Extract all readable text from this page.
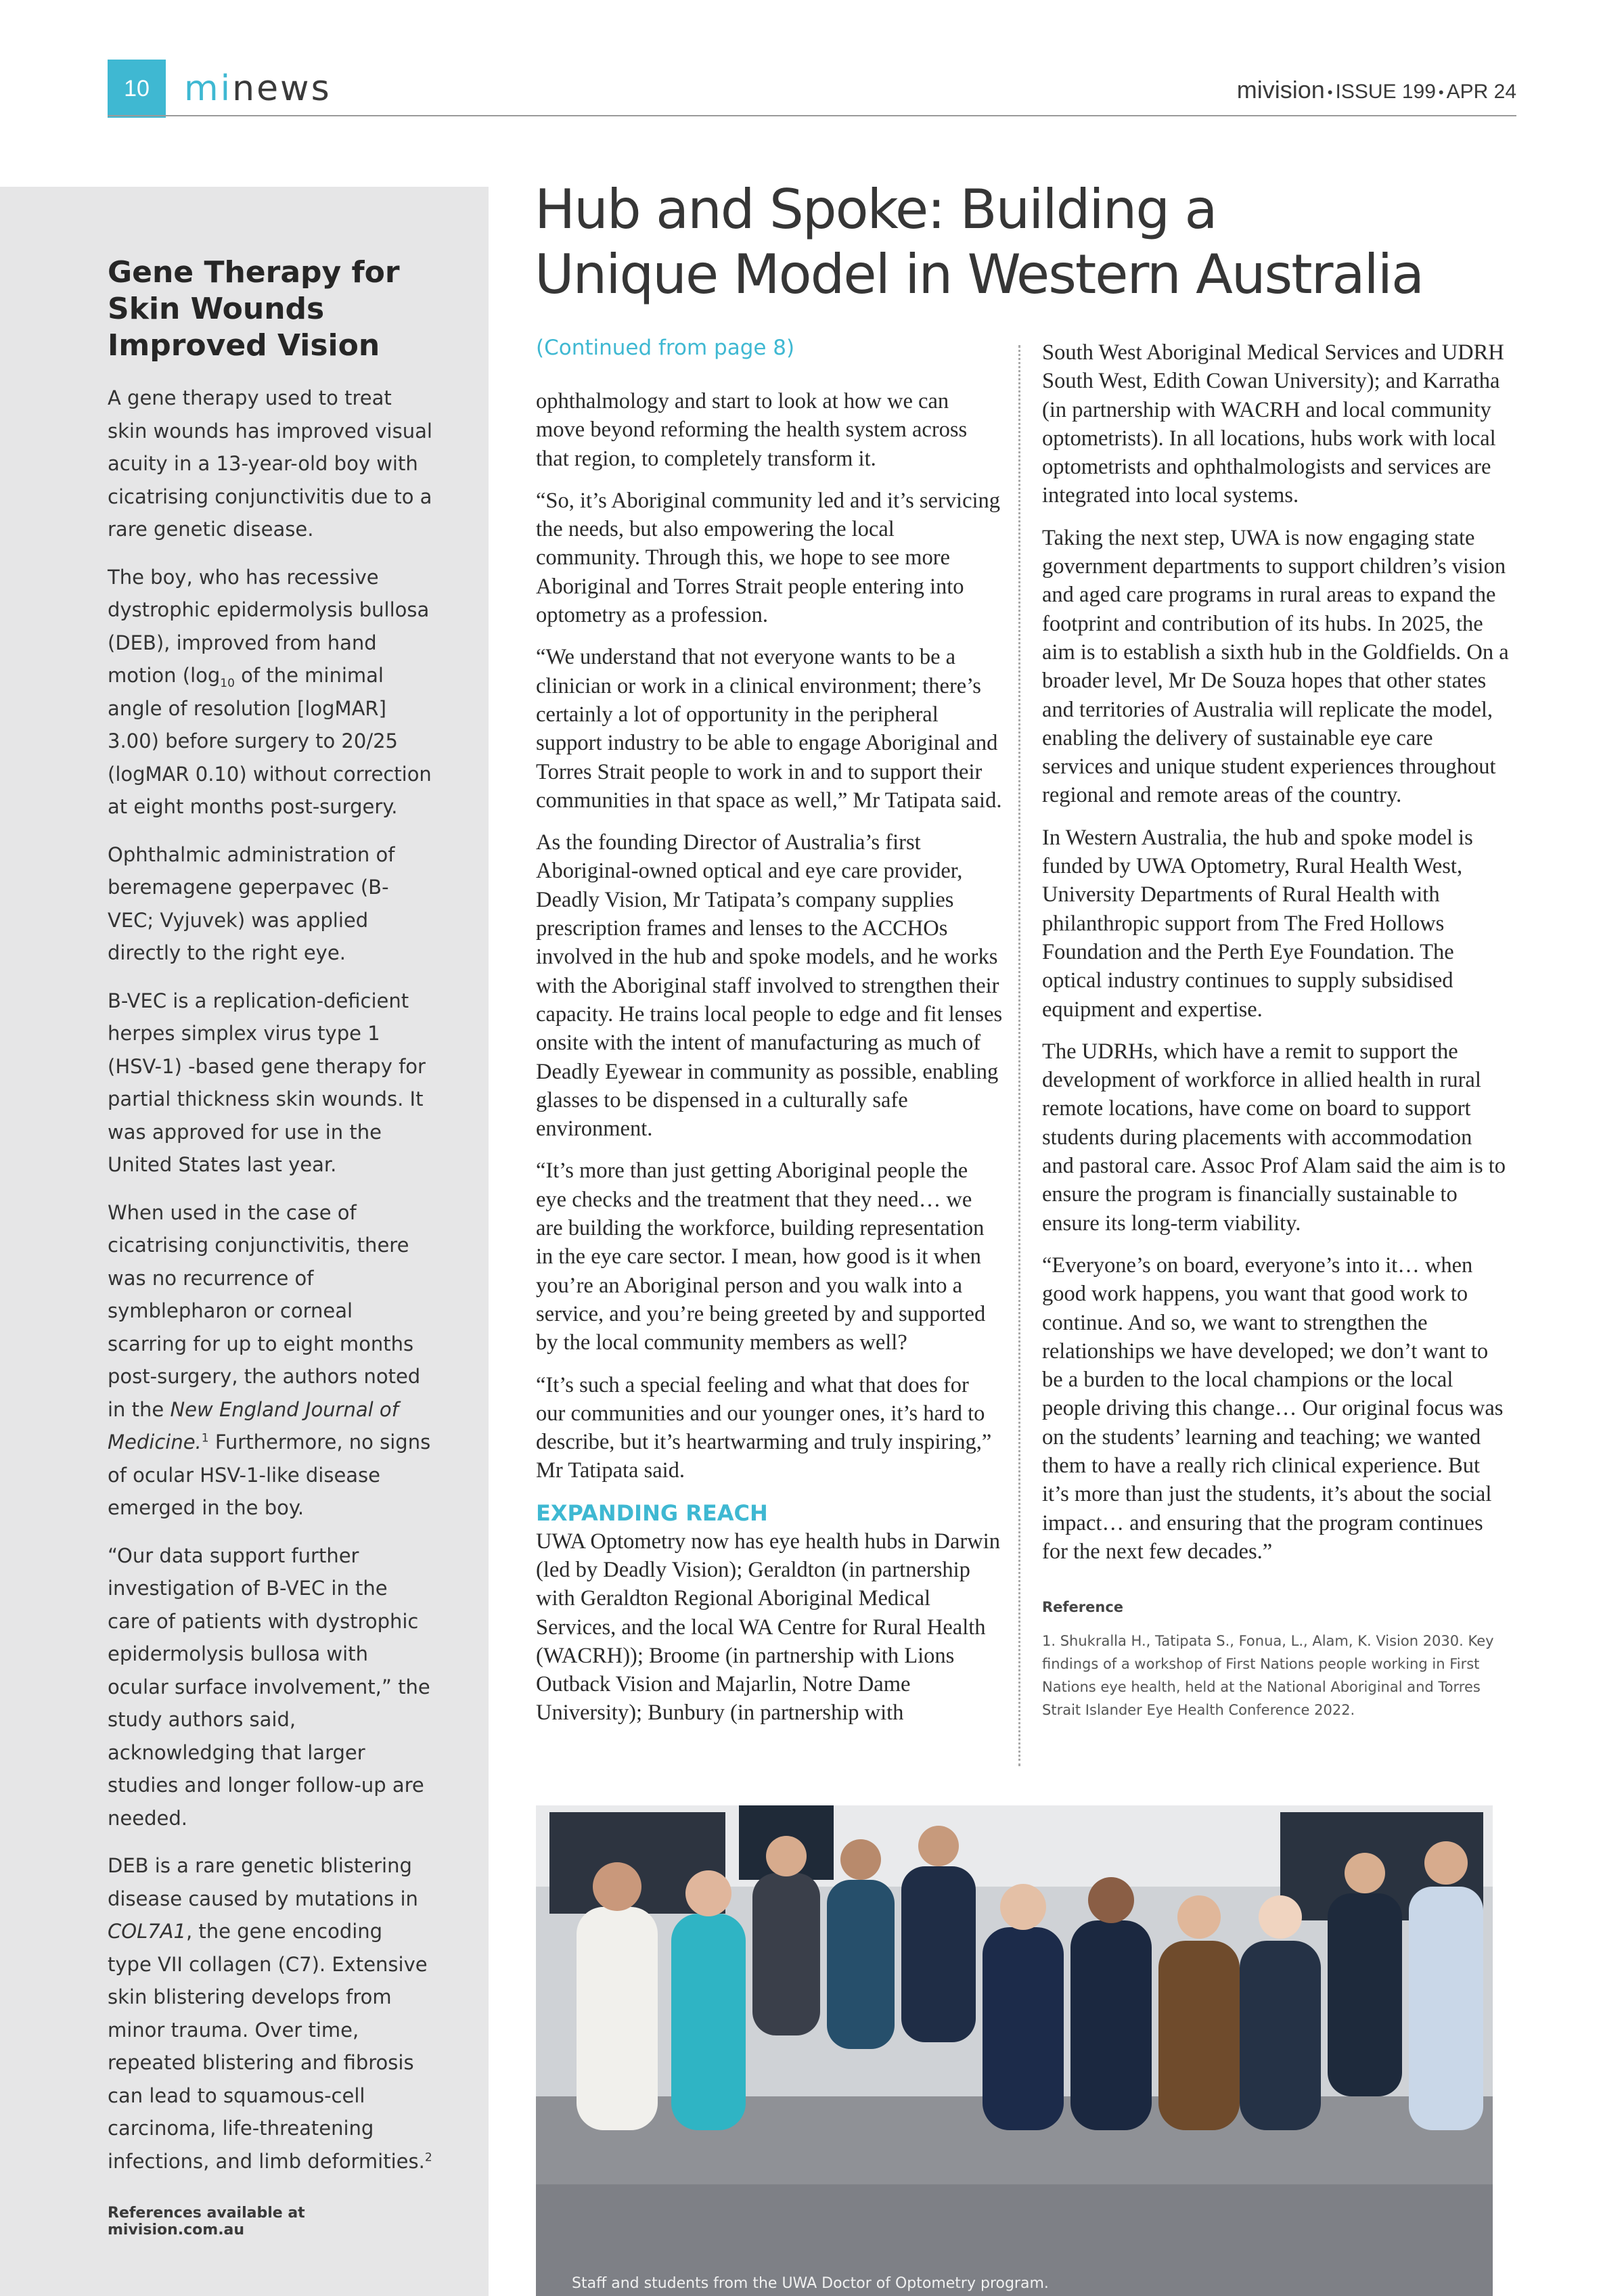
10 minews	mivision • ISSUE 199 • APR 24
Gene Therapy for Skin Wounds Improved Vision

A gene therapy used to treat skin wounds has improved visual acuity in a 13-year-old boy with cicatrising conjunctivitis due to a rare genetic disease.

The boy, who has recessive dystrophic epidermolysis bullosa (DEB), improved from hand motion ($\log_{10}$ of the minimal angle of resolution [logMAR] 3.00) before surgery to 20/25 (logMAR 0.10) without correction at eight months post-surgery.

Ophthalmic administration of beremagene geperpavec (B-VEC; Vyjuvek) was applied directly to the right eye.

B-VEC is a replication-deficient herpes simplex virus type 1 (HSV-1) -based gene therapy for partial thickness skin wounds. It was approved for use in the United States last year.

When used in the case of cicatrising conjunctivitis, there was no recurrence of symblepharon or corneal scarring for up to eight months post-surgery, the authors noted in the New England Journal of Medicine.$^1$ Furthermore, no signs of ocular HSV-1-like disease emerged in the boy.

“Our data support further investigation of B-VEC in the care of patients with dystrophic epidermolysis bullosa with ocular surface involvement,” the study authors said, acknowledging that larger studies and longer follow-up are needed.

DEB is a rare genetic blistering disease caused by mutations in COL7A1, the gene encoding type VII collagen (C7). Extensive skin blistering develops from minor trauma. Over time, repeated blistering and fibrosis can lead to squamous-cell carcinoma, life-threatening infections, and limb deformities.$^2$

References available at mivision.com.au

Hub and Spoke: Building a
Unique Model in Western Australia
(Continued from page 8)

ophthalmology and start to look at how we can move beyond reforming the health system across that region, to completely transform it.

“So, it’s Aboriginal community led and it’s servicing the needs, but also empowering the local community. Through this, we hope to see more Aboriginal and Torres Strait people entering into optometry as a profession.

“We understand that not everyone wants to be a clinician or work in a clinical environment; there’s certainly a lot of opportunity in the peripheral support industry to be able to engage Aboriginal and Torres Strait people to work in and to support their communities in that space as well,” Mr Tatipata said.

As the founding Director of Australia’s first Aboriginal-owned optical and eye care provider, Deadly Vision, Mr Tatipata’s company supplies prescription frames and lenses to the ACCHOs involved in the hub and spoke models, and he works with the Aboriginal staff involved to strengthen their capacity. He trains local people to edge and fit lenses onsite with the intent of manufacturing as much of Deadly Eyewear in community as possible, enabling glasses to be dispensed in a culturally safe environment.

“It’s more than just getting Aboriginal people the eye checks and the treatment that they need… we are building the workforce, building representation in the eye care sector. I mean, how good is it when you’re an Aboriginal person and you walk into a service, and you’re being greeted by and supported by the local community members as well?

“It’s such a special feeling and what that does for our communities and our younger ones, it’s hard to describe, but it’s heartwarming and truly inspiring,” Mr Tatipata said.

EXPANDING REACH

UWA Optometry now has eye health hubs in Darwin (led by Deadly Vision); Geraldton (in partnership with Geraldton Regional Aboriginal Medical Services, and the local WA Centre for Rural Health (WACRH)); Broome (in partnership with Lions Outback Vision and Majarlin, Notre Dame University); Bunbury (in partnership with

South West Aboriginal Medical Services and UDRH South West, Edith Cowan University); and Karratha (in partnership with WACRH and local community optometrists). In all locations, hubs work with local optometrists and ophthalmologists and services are integrated into local systems.

Taking the next step, UWA is now engaging state government departments to support children’s vision and aged care programs in rural areas to expand the footprint and contribution of its hubs. In 2025, the aim is to establish a sixth hub in the Goldfields. On a broader level, Mr De Souza hopes that other states and territories of Australia will replicate the model, enabling the delivery of sustainable eye care services and unique student experiences throughout regional and remote areas of the country.

In Western Australia, the hub and spoke model is funded by UWA Optometry, Rural Health West, University Departments of Rural Health with philanthropic support from The Fred Hollows Foundation and the Perth Eye Foundation. The optical industry continues to supply subsidised equipment and expertise.

The UDRHs, which have a remit to support the development of workforce in allied health in rural remote locations, have come on board to support students during placements with accommodation and pastoral care. Assoc Prof Alam said the aim is to ensure the program is financially sustainable to ensure its long-term viability.

“Everyone’s on board, everyone’s into it… when good work happens, you want that good work to continue. And so, we want to strengthen the relationships we have developed; we don’t want to be a burden to the local champions or the local people driving this change… Our original focus was on the students’ learning and teaching; we wanted them to have a really rich clinical experience. But it’s more than just the students, it’s about the social impact… and ensuring that the program continues for the next few decades.”

Reference
1. Shukralla H., Tatipata S., Fonua, L., Alam, K. Vision 2030. Key findings of a workshop of First Nations people working in First Nations eye health, held at the National Aboriginal and Torres Strait Islander Eye Health Conference 2022.
Staff and students from the UWA Doctor of Optometry program.
